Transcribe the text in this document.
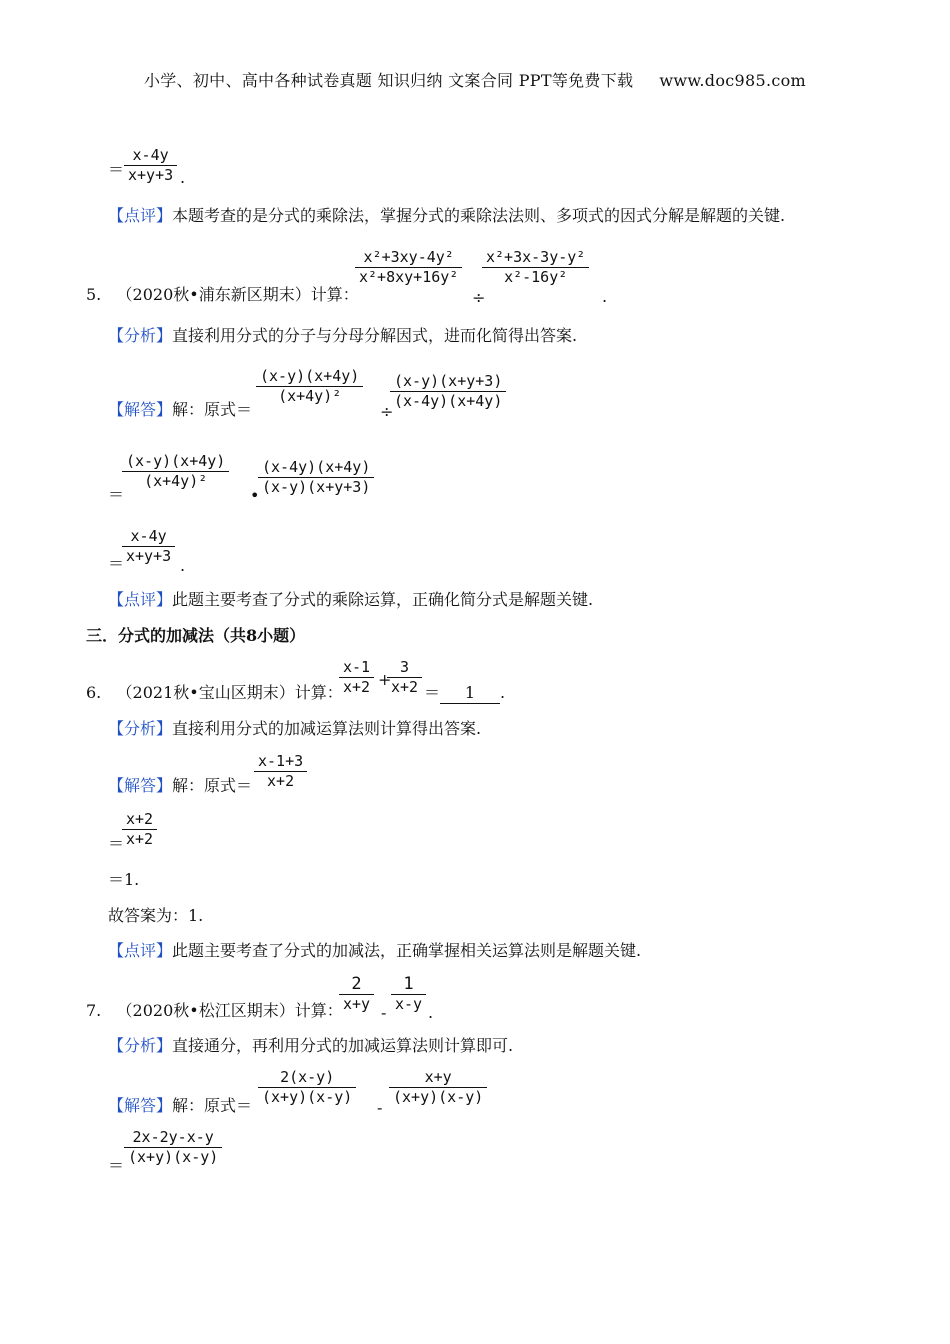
小学、初中、高中各种试卷真题 知识归纳 文案合同 PPT等免费下载 www.doc985.com
＝
x-4y
x+y+3 .
【点评】本题考查的是分式的乘除法，掌握分式的乘除法法则、多项式的因式分解是解题的关键.
5. （2020秋•浦东新区期末）计算：
x²+3xy-4y²
x²+8xy+16y²
÷
x²+3x-3y-y²
x²-16y²
.
【分析】直接利用分式的分子与分母分解因式，进而化简得出答案.
【解答】解：原式＝
(x-y)(x+4y)
(x+4y)²
÷
(x-y)(x+y+3)
(x-4y)(x+4y)
＝
(x-y)(x+4y)
(x+4y)²
•
(x-4y)(x+4y)
(x-y)(x+y+3)
＝
x-4y
x+y+3 .
【点评】此题主要考查了分式的乘除运算，正确化简分式是解题关键.
三．分式的加减法（共8小题）
6. （2021秋•宝山区期末）计算：
x-1
x+2 +
3
x+2 ＝ 1 .
【分析】直接利用分式的加减运算法则计算得出答案.
【解答】解：原式＝
x-1+3
x+2
＝
x+2
x+2
＝1.
故答案为：1.
【点评】此题主要考查了分式的加减法，正确掌握相关运算法则是解题关键.
7. （2020秋•松江区期末）计算：
2
x+y -
1
x-y .
【分析】直接通分，再利用分式的加减运算法则计算即可.
【解答】解：原式＝
2(x-y)
(x+y)(x-y)
-
x+y
(x+y)(x-y)
＝
2x-2y-x-y
(x+y)(x-y)
